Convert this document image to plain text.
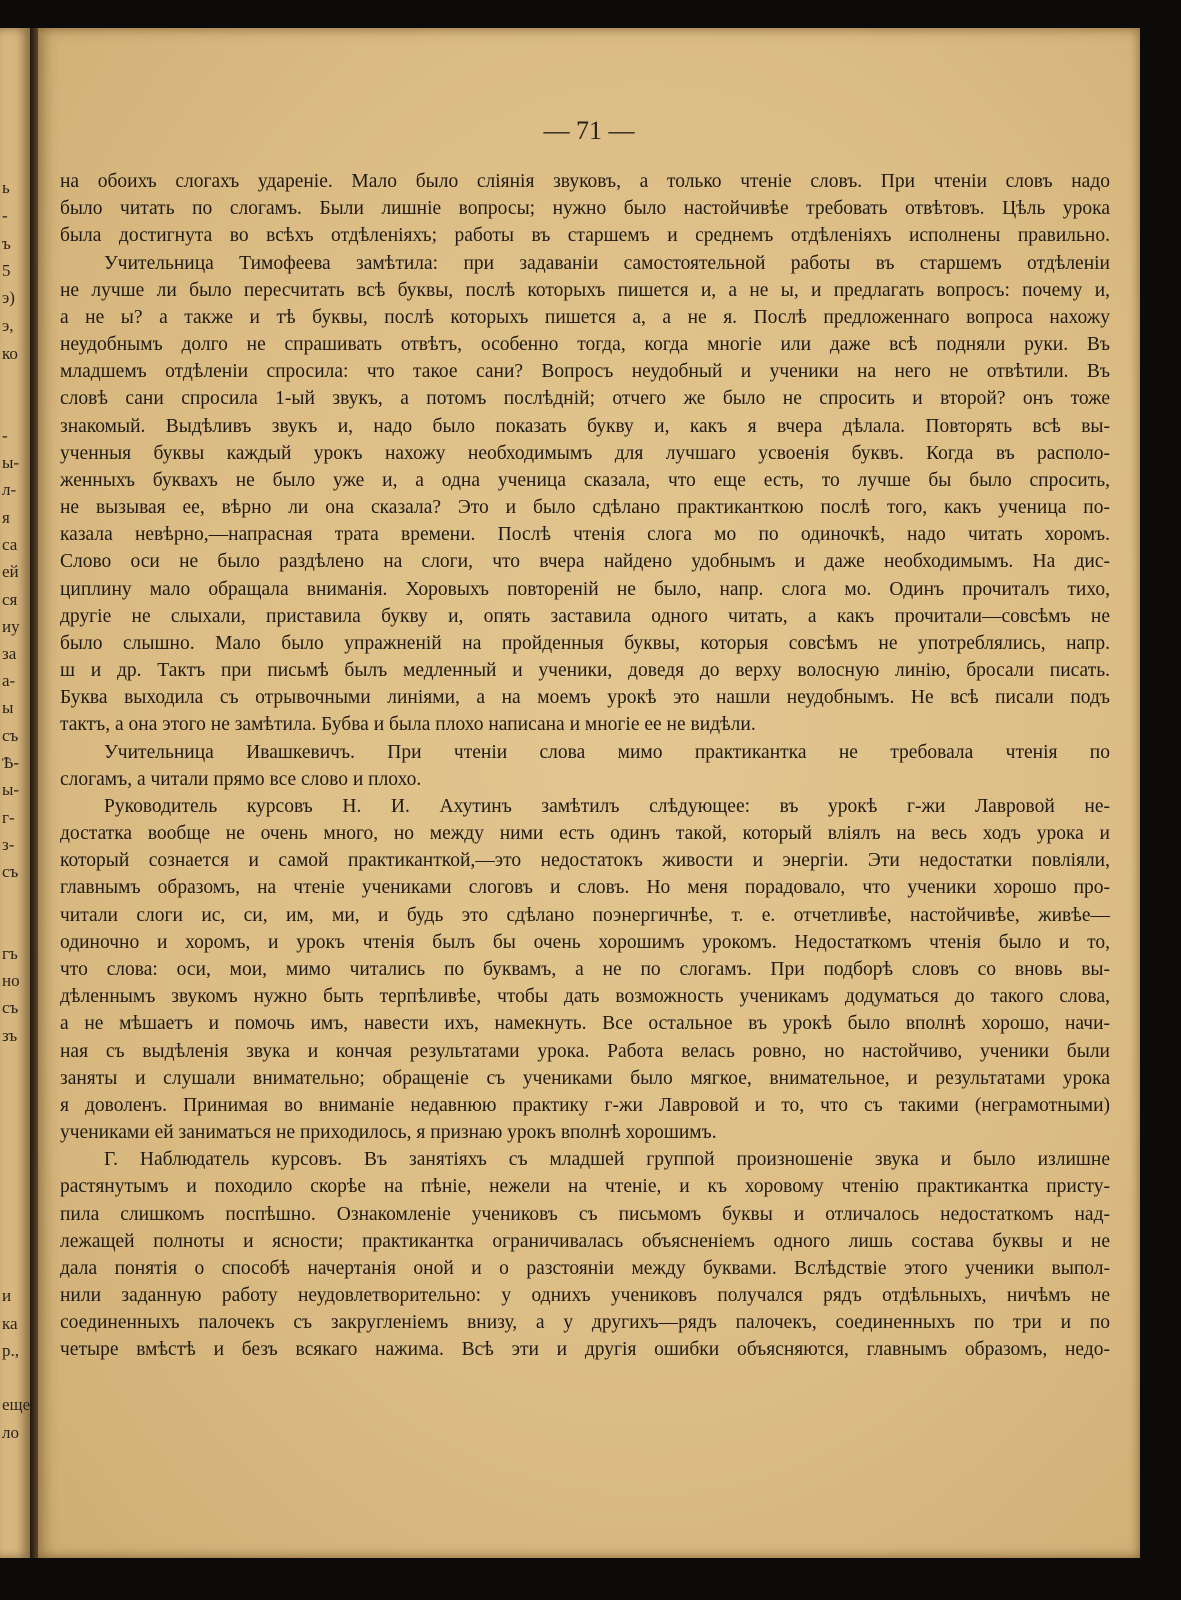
ь
-
ъ
5
э)
э,
ко
-
ы-
л-
я
са
ей
ся
иу
за
а-
ы
съ
Ѣ-
ы-
г-
з-
съ
гъ
но
съ
зъ
и
ка
р.,
еще
ло
— 71 —
на обоихъ слогахъ удареніе. Мало было сліянія звуковъ, а только чтеніе словъ. При чтеніи словъ надо
было читать по слогамъ. Были лишніе вопросы; нужно было настойчивѣе требовать отвѣтовъ. Цѣль урока
была достигнута во всѣхъ отдѣленіяхъ; работы въ старшемъ и среднемъ отдѣленіяхъ исполнены правильно.
Учительница Тимофеева замѣтила: при задаваніи самостоятельной работы въ старшемъ отдѣленіи
не лучше ли было пересчитать всѣ буквы, послѣ которыхъ пишется и, а не ы, и предлагать вопросъ: почему и,
а не ы? а также и тѣ буквы, послѣ которыхъ пишется а, а не я. Послѣ предложеннаго вопроса нахожу
неудобнымъ долго не спрашивать отвѣтъ, особенно тогда, когда многіе или даже всѣ подняли руки. Въ
младшемъ отдѣленіи спросила: что такое сани? Вопросъ неудобный и ученики на него не отвѣтили. Въ
словѣ сани спросила 1-ый звукъ, а потомъ послѣдній; отчего же было не спросить и второй? онъ тоже
знакомый. Выдѣливъ звукъ и, надо было показать букву и, какъ я вчера дѣлала. Повторять всѣ вы-
ученныя буквы каждый урокъ нахожу необходимымъ для лучшаго усвоенія буквъ. Когда въ располо-
женныхъ буквахъ не было уже и, а одна ученица сказала, что еще есть, то лучше бы было спросить,
не вызывая ее, вѣрно ли она сказала? Это и было сдѣлано практиканткою послѣ того, какъ ученица по-
казала невѣрно,—напрасная трата времени. Послѣ чтенія слога мо по одиночкѣ, надо читать хоромъ.
Слово оси не было раздѣлено на слоги, что вчера найдено удобнымъ и даже необходимымъ. На дис-
циплину мало обращала вниманія. Хоровыхъ повтореній не было, напр. слога мо. Одинъ прочиталъ тихо,
другіе не слыхали, приставила букву и, опять заставила одного читать, а какъ прочитали—совсѣмъ не
было слышно. Мало было упражненій на пройденныя буквы, которыя совсѣмъ не употреблялись, напр.
ш и др. Тактъ при письмѣ былъ медленный и ученики, доведя до верху волосную линію, бросали писать.
Буква выходила съ отрывочными линіями, а на моемъ урокѣ это нашли неудобнымъ. Не всѣ писали подъ
тактъ, а она этого не замѣтила. Бубва и была плохо написана и многіе ее не видѣли.
Учительница Ивашкевичъ. При чтеніи слова мимо практикантка не требовала чтенія по
слогамъ, а читали прямо все слово и плохо.
Руководитель курсовъ Н. И. Ахутинъ замѣтилъ слѣдующее: въ урокѣ г-жи Лавровой не-
достатка вообще не очень много, но между ними есть одинъ такой, который вліялъ на весь ходъ урока и
который сознается и самой практиканткой,—это недостатокъ живости и энергіи. Эти недостатки повліяли,
главнымъ образомъ, на чтеніе учениками слоговъ и словъ. Но меня порадовало, что ученики хорошо про-
читали слоги ис, си, им, ми, и будь это сдѣлано поэнергичнѣе, т. е. отчетливѣе, настойчивѣе, живѣе—
одиночно и хоромъ, и урокъ чтенія былъ бы очень хорошимъ урокомъ. Недостаткомъ чтенія было и то,
что слова: оси, мои, мимо читались по буквамъ, а не по слогамъ. При подборѣ словъ со вновь вы-
дѣленнымъ звукомъ нужно быть терпѣливѣе, чтобы дать возможность ученикамъ додуматься до такого слова,
а не мѣшаетъ и помочь имъ, навести ихъ, намекнуть. Все остальное въ урокѣ было вполнѣ хорошо, начи-
ная съ выдѣленія звука и кончая результатами урока. Работа велась ровно, но настойчиво, ученики были
заняты и слушали внимательно; обращеніе съ учениками было мягкое, внимательное, и результатами урока
я доволенъ. Принимая во вниманіе недавнюю практику г-жи Лавровой и то, что съ такими (неграмотными)
учениками ей заниматься не приходилось, я признаю урокъ вполнѣ хорошимъ.
Г. Наблюдатель курсовъ. Въ занятіяхъ съ младшей группой произношеніе звука и было излишне
растянутымъ и походило скорѣе на пѣніе, нежели на чтеніе, и къ хоровому чтенію практикантка присту-
пила слишкомъ поспѣшно. Ознакомленіе учениковъ съ письмомъ буквы и отличалось недостаткомъ над-
лежащей полноты и ясности; практикантка ограничивалась объясненіемъ одного лишь состава буквы и не
дала понятія о способѣ начертанія оной и о разстояніи между буквами. Вслѣдствіе этого ученики выпол-
нили заданную работу неудовлетворительно: у однихъ учениковъ получался рядъ отдѣльныхъ, ничѣмъ не
соединенныхъ палочекъ съ закругленіемъ внизу, а у другихъ—рядъ палочекъ, соединенныхъ по три и по
четыре вмѣстѣ и безъ всякаго нажима. Всѣ эти и другія ошибки объясняются, главнымъ образомъ, недо-
